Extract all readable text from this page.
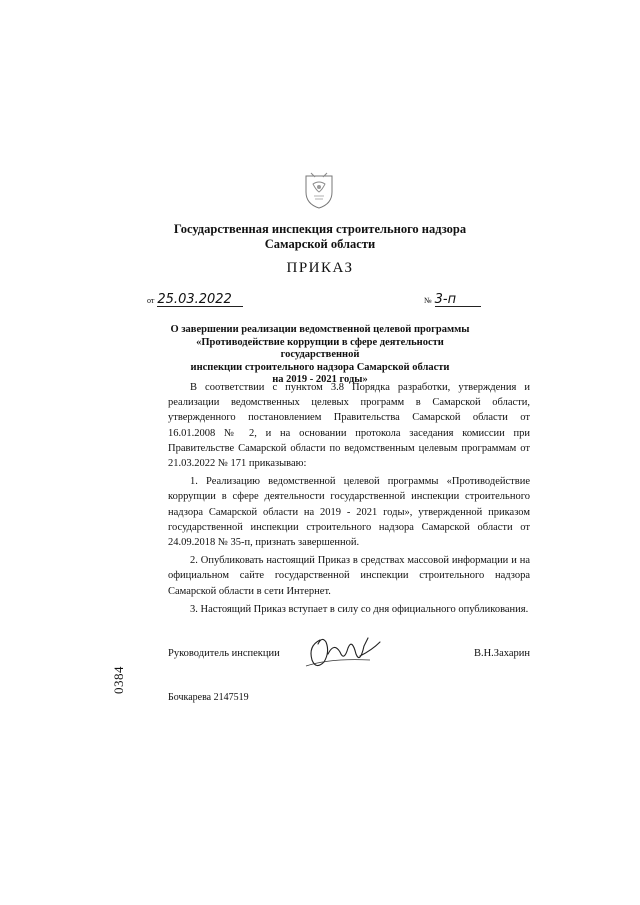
Государственная инспекция строительного надзора
Самарской области
ПРИКАЗ
от 25.03.2022	№ 3-п
О завершении реализации ведомственной целевой программы
«Противодействие коррупции в сфере деятельности государственной
инспекции строительного надзора Самарской области
на 2019 - 2021 годы»

В соответствии с пунктом 3.8 Порядка разработки, утверждения и реализации ведомственных целевых программ в Самарской области, утвержденного постановлением Правительства Самарской области от 16.01.2008 № 2, и на основании протокола заседания комиссии при Правительстве Самарской области по ведомственным целевым программам от 21.03.2022 № 171 приказываю:

1. Реализацию ведомственной целевой программы «Противодействие коррупции в сфере деятельности государственной инспекции строительного надзора Самарской области на 2019 - 2021 годы», утвержденной приказом государственной инспекции строительного надзора Самарской области от 24.09.2018 № 35-п, признать завершенной.

2. Опубликовать настоящий Приказ в средствах массовой информации и на официальном сайте государственной инспекции строительного надзора Самарской области в сети Интернет.

3. Настоящий Приказ вступает в силу со дня официального опубликования.

Руководитель инспекции	В.Н.Захарин
0384
Бочкарева 2147519
